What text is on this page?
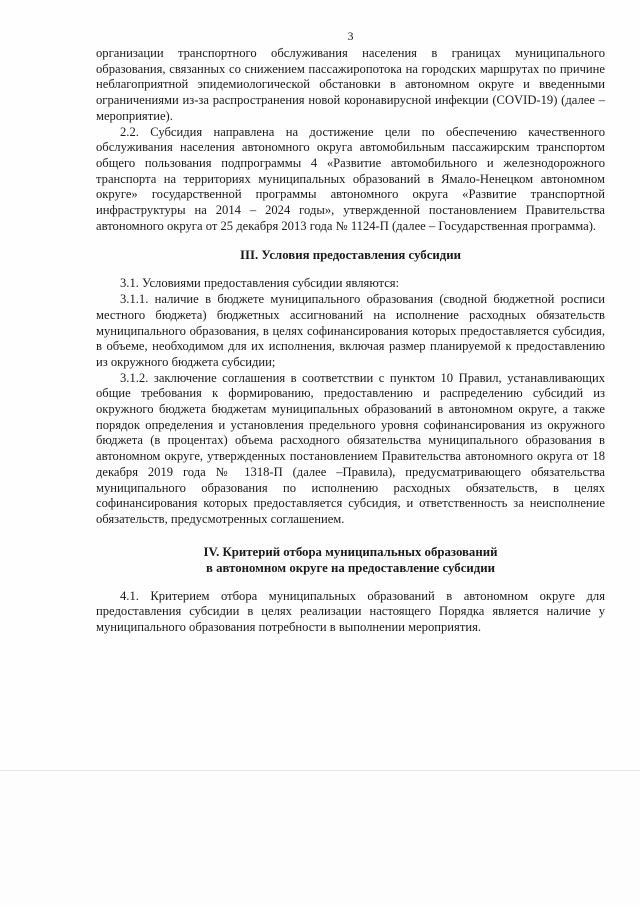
3

организации транспортного обслуживания населения в границах муниципального образования, связанных со снижением пассажиропотока на городских маршрутах по причине неблагоприятной эпидемиологической обстановки в автономном округе и введенными ограничениями из-за распространения новой коронавирусной инфекции (COVID-19) (далее – мероприятие).

2.2. Субсидия направлена на достижение цели по обеспечению качественного обслуживания населения автономного округа автомобильным пассажирским транспортом общего пользования подпрограммы 4 «Развитие автомобильного и железнодорожного транспорта на территориях муниципальных образований в Ямало-Ненецком автономном округе» государственной программы автономного округа «Развитие транспортной инфраструктуры на 2014 – 2024 годы», утвержденной постановлением Правительства автономного округа от 25 декабря 2013 года № 1124-П (далее – Государственная программа).

III. Условия предоставления субсидии

3.1. Условиями предоставления субсидии являются:

3.1.1. наличие в бюджете муниципального образования (сводной бюджетной росписи местного бюджета) бюджетных ассигнований на исполнение расходных обязательств муниципального образования, в целях софинансирования которых предоставляется субсидия, в объеме, необходимом для их исполнения, включая размер планируемой к предоставлению из окружного бюджета субсидии;

3.1.2. заключение соглашения в соответствии с пунктом 10 Правил, устанавливающих общие требования к формированию, предоставлению и распределению субсидий из окружного бюджета бюджетам муниципальных образований в автономном округе, а также порядок определения и установления предельного уровня софинансирования из окружного бюджета (в процентах) объема расходного обязательства муниципального образования в автономном округе, утвержденных постановлением Правительства автономного округа от 18 декабря 2019 года № 1318-П (далее –Правила), предусматривающего обязательства муниципального образования по исполнению расходных обязательств, в целях софинансирования которых предоставляется субсидия, и ответственность за неисполнение обязательств, предусмотренных соглашением.

IV. Критерий отбора муниципальных образований
в автономном округе на предоставление субсидии

4.1. Критерием отбора муниципальных образований в автономном округе для предоставления субсидии в целях реализации настоящего Порядка является наличие у муниципального образования потребности в выполнении мероприятия.
